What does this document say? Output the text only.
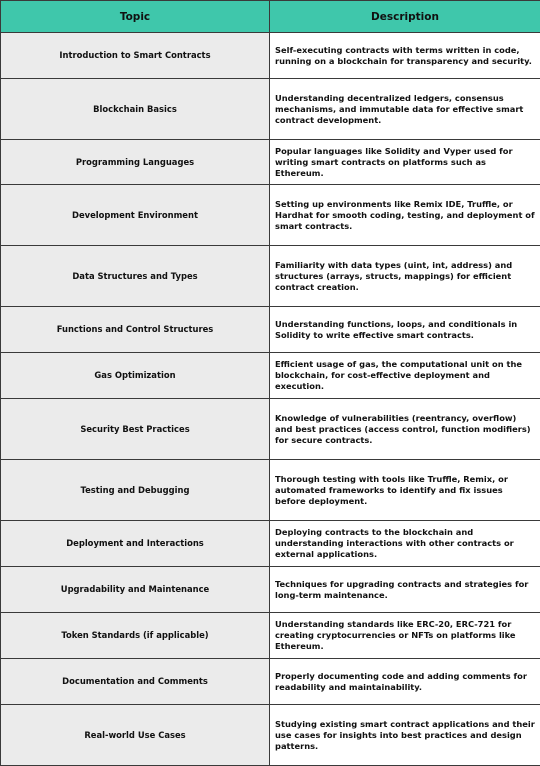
Topic	Description
Introduction to Smart Contracts	Self-executing contracts with terms written in code, running on a blockchain for transparency and security.
Blockchain Basics	Understanding decentralized ledgers, consensus mechanisms, and immutable data for effective smart contract development.
Programming Languages	Popular languages like Solidity and Vyper used for writing smart contracts on platforms such as Ethereum.
Development Environment	Setting up environments like Remix IDE, Truffle, or Hardhat for smooth coding, testing, and deployment of smart contracts.
Data Structures and Types	Familiarity with data types (uint, int, address) and structures (arrays, structs, mappings) for efficient contract creation.
Functions and Control Structures	Understanding functions, loops, and conditionals in Solidity to write effective smart contracts.
Gas Optimization	Efficient usage of gas, the computational unit on the blockchain, for cost-effective deployment and execution.
Security Best Practices	Knowledge of vulnerabilities (reentrancy, overflow) and best practices (access control, function modifiers) for secure contracts.
Testing and Debugging	Thorough testing with tools like Truffle, Remix, or automated frameworks to identify and fix issues before deployment.
Deployment and Interactions	Deploying contracts to the blockchain and understanding interactions with other contracts or external applications.
Upgradability and Maintenance	Techniques for upgrading contracts and strategies for long-term maintenance.
Token Standards (if applicable)	Understanding standards like ERC-20, ERC-721 for creating cryptocurrencies or NFTs on platforms like Ethereum.
Documentation and Comments	Properly documenting code and adding comments for readability and maintainability.
Real-world Use Cases	Studying existing smart contract applications and their use cases for insights into best practices and design patterns.
